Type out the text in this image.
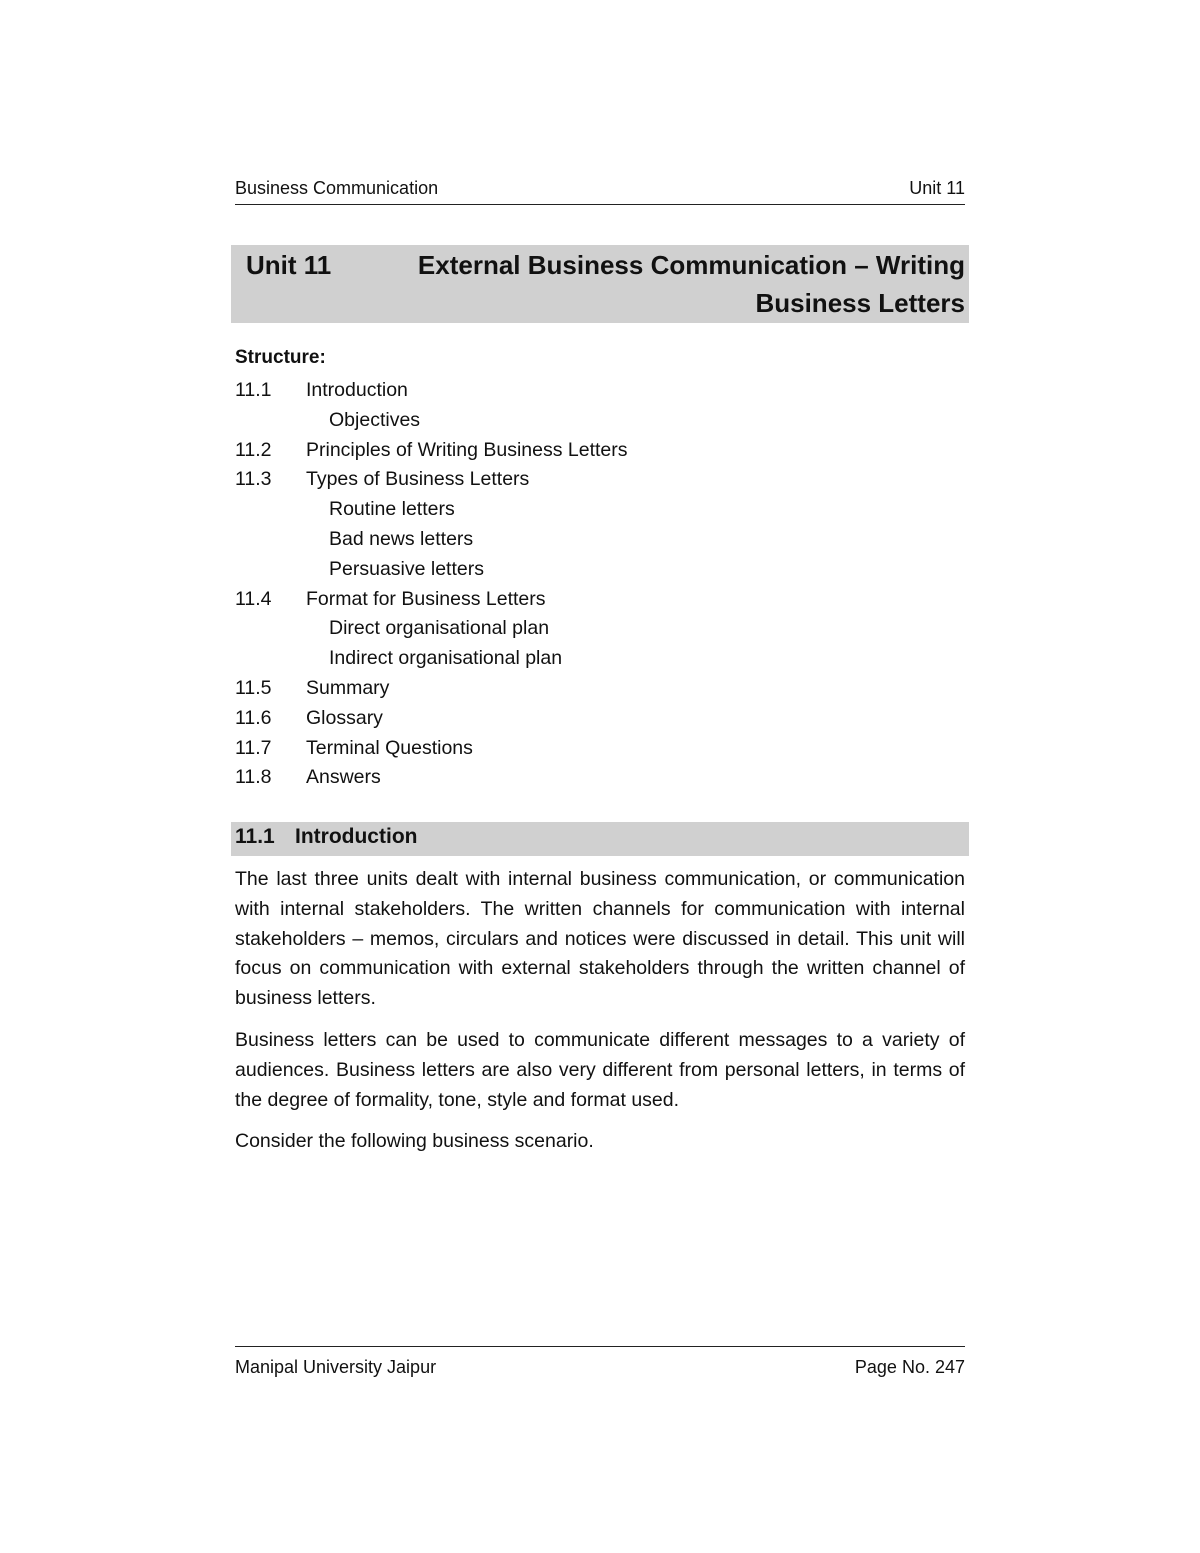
Business Communication	Unit 11
Unit 11	External Business Communication – Writing Business Letters
Structure:
11.1 Introduction
Objectives
11.2 Principles of Writing Business Letters
11.3 Types of Business Letters
Routine letters
Bad news letters
Persuasive letters
11.4 Format for Business Letters
Direct organisational plan
Indirect organisational plan
11.5 Summary
11.6 Glossary
11.7 Terminal Questions
11.8 Answers
11.1 Introduction

The last three units dealt with internal business communication, or communication with internal stakeholders. The written channels for communication with internal stakeholders – memos, circulars and notices were discussed in detail. This unit will focus on communication with external stakeholders through the written channel of business letters.

Business letters can be used to communicate different messages to a variety of audiences. Business letters are also very different from personal letters, in terms of the degree of formality, tone, style and format used.

Consider the following business scenario.

Manipal University Jaipur	Page No. 247
